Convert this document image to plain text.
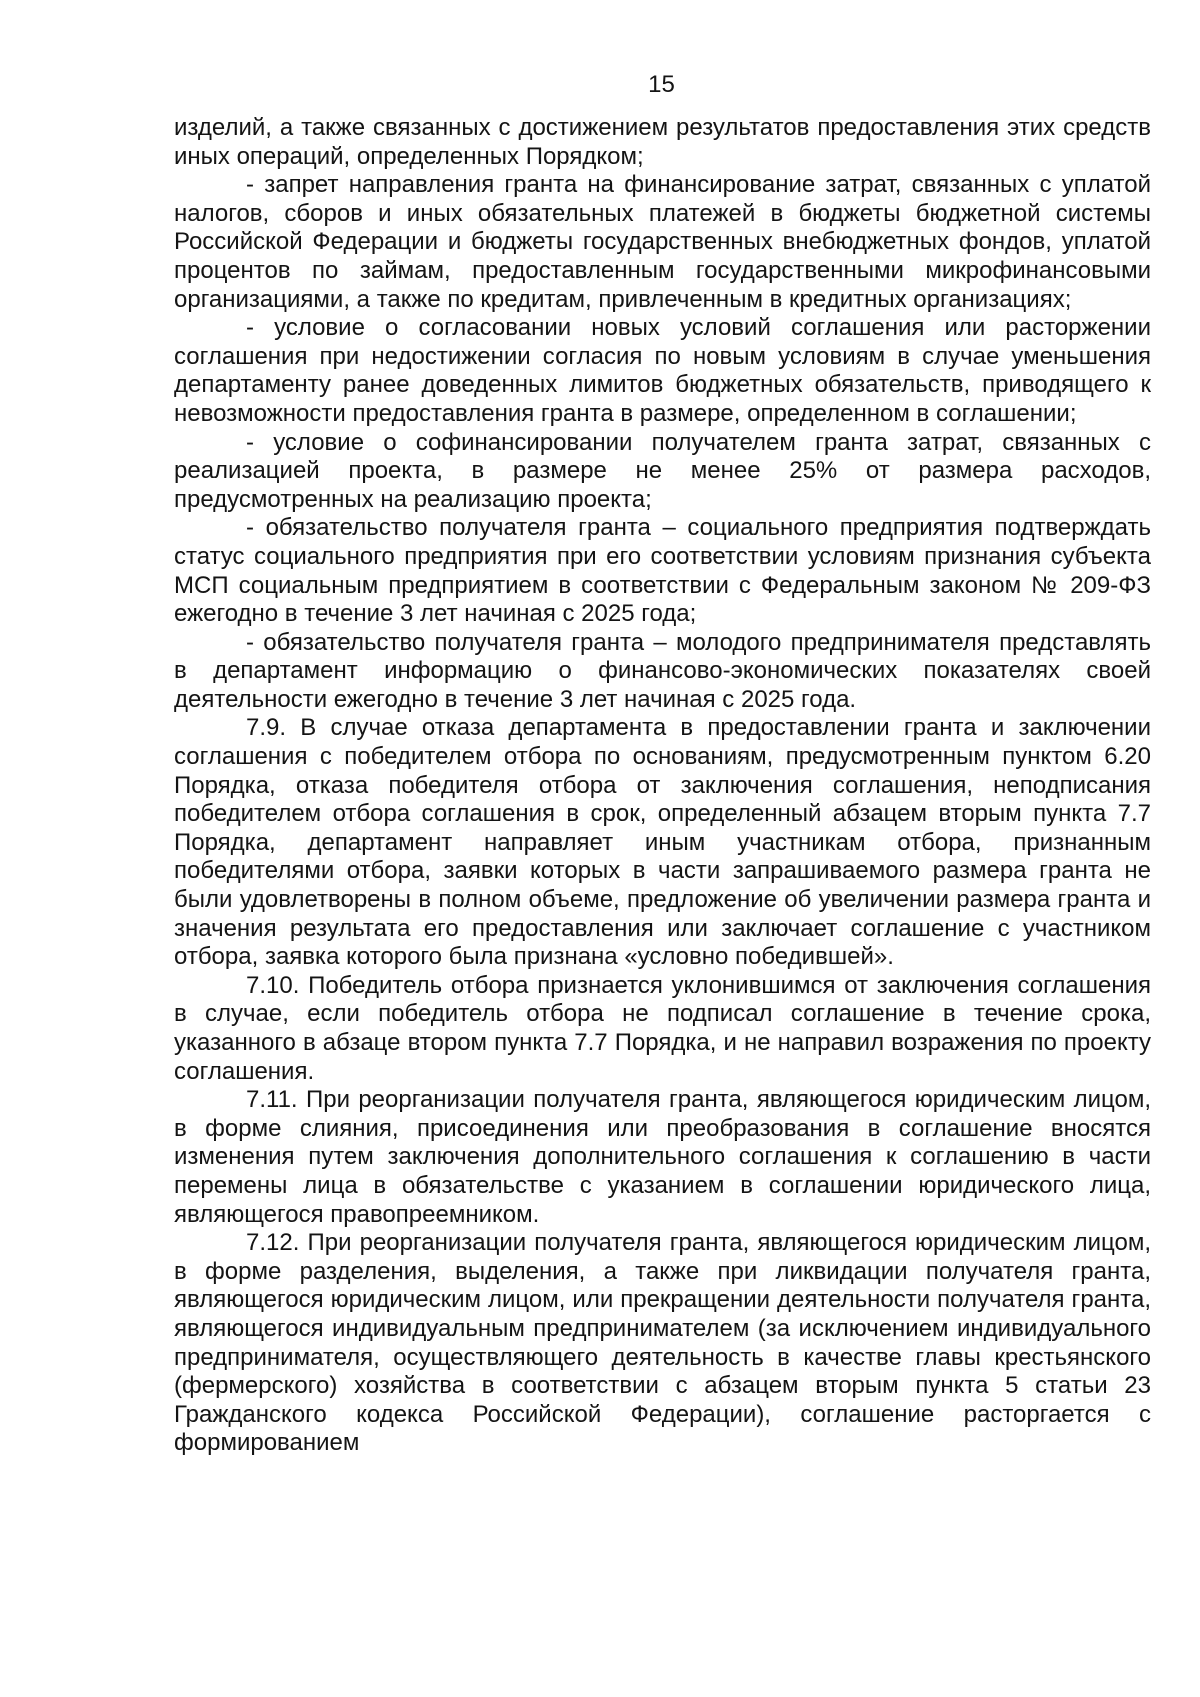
15

изделий, а также связанных с достижением результатов предоставления этих средств иных операций, определенных Порядком;

- запрет направления гранта на финансирование затрат, связанных с уплатой налогов, сборов и иных обязательных платежей в бюджеты бюджетной системы Российской Федерации и бюджеты государственных внебюджетных фондов, уплатой процентов по займам, предоставленным государственными микрофинансовыми организациями, а также по кредитам, привлеченным в кредитных организациях;

- условие о согласовании новых условий соглашения или расторжении соглашения при недостижении согласия по новым условиям в случае уменьшения департаменту ранее доведенных лимитов бюджетных обязательств, приводящего к невозможности предоставления гранта в размере, определенном в соглашении;

- условие о софинансировании получателем гранта затрат, связанных с реализацией проекта, в размере не менее 25% от размера расходов, предусмотренных на реализацию проекта;

- обязательство получателя гранта – социального предприятия подтверждать статус социального предприятия при его соответствии условиям признания субъекта МСП социальным предприятием в соответствии с Федеральным законом № 209-ФЗ ежегодно в течение 3 лет начиная с 2025 года;

- обязательство получателя гранта – молодого предпринимателя представлять в департамент информацию о финансово-экономических показателях своей деятельности ежегодно в течение 3 лет начиная с 2025 года.

7.9. В случае отказа департамента в предоставлении гранта и заключении соглашения с победителем отбора по основаниям, предусмотренным пунктом 6.20 Порядка, отказа победителя отбора от заключения соглашения, неподписания победителем отбора соглашения в срок, определенный абзацем вторым пункта 7.7 Порядка, департамент направляет иным участникам отбора, признанным победителями отбора, заявки которых в части запрашиваемого размера гранта не были удовлетворены в полном объеме, предложение об увеличении размера гранта и значения результата его предоставления или заключает соглашение с участником отбора, заявка которого была признана «условно победившей».

7.10. Победитель отбора признается уклонившимся от заключения соглашения в случае, если победитель отбора не подписал соглашение в течение срока, указанного в абзаце втором пункта 7.7 Порядка, и не направил возражения по проекту соглашения.

7.11. При реорганизации получателя гранта, являющегося юридическим лицом, в форме слияния, присоединения или преобразования в соглашение вносятся изменения путем заключения дополнительного соглашения к соглашению в части перемены лица в обязательстве с указанием в соглашении юридического лица, являющегося правопреемником.

7.12. При реорганизации получателя гранта, являющегося юридическим лицом, в форме разделения, выделения, а также при ликвидации получателя гранта, являющегося юридическим лицом, или прекращении деятельности получателя гранта, являющегося индивидуальным предпринимателем (за исключением индивидуального предпринимателя, осуществляющего деятельность в качестве главы крестьянского (фермерского) хозяйства в соответствии с абзацем вторым пункта 5 статьи 23 Гражданского кодекса Российской Федерации), соглашение расторгается с формированием
